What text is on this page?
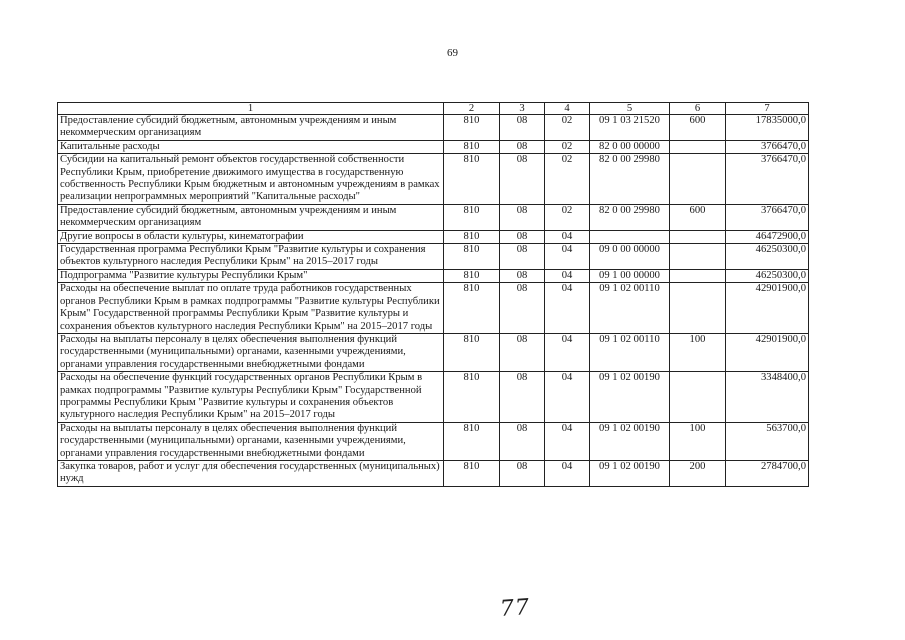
69
1	2	3	4	5	6	7
Предоставление субсидий бюджетным, автономным учреждениям и иным некоммерческим организациям	810	08	02	09 1 03 21520	600	17835000,0
Капитальные расходы	810	08	02	82 0 00 00000		3766470,0
Субсидии на капитальный ремонт объектов государственной собственности Республики Крым, приобретение движимого имущества в государственную собственность Республики Крым бюджетным и автономным учреждениям в рамках реализации непрограммных мероприятий "Капитальные расходы"	810	08	02	82 0 00 29980		3766470,0
Предоставление субсидий бюджетным, автономным учреждениям и иным некоммерческим организациям	810	08	02	82 0 00 29980	600	3766470,0
Другие вопросы в области культуры, кинематографии	810	08	04			46472900,0
Государственная программа Республики Крым "Развитие культуры и сохранения объектов культурного наследия Республики Крым" на 2015–2017 годы	810	08	04	09 0 00 00000		46250300,0
Подпрограмма "Развитие культуры Республики Крым"	810	08	04	09 1 00 00000		46250300,0
Расходы на обеспечение выплат по оплате труда работников государственных органов Республики Крым в рамках подпрограммы "Развитие культуры Республики Крым" Государственной программы Республики Крым "Развитие культуры и сохранения объектов культурного наследия Республики Крым" на 2015–2017 годы	810	08	04	09 1 02 00110		42901900,0
Расходы на выплаты персоналу в целях обеспечения выполнения функций государственными (муниципальными) органами, казенными учреждениями, органами управления государственными внебюджетными фондами	810	08	04	09 1 02 00110	100	42901900,0
Расходы на обеспечение функций государственных органов Республики Крым в рамках подпрограммы "Развитие культуры Республики Крым" Государственной программы Республики Крым "Развитие культуры и сохранения объектов культурного наследия Республики Крым" на 2015–2017 годы	810	08	04	09 1 02 00190		3348400,0
Расходы на выплаты персоналу в целях обеспечения выполнения функций государственными (муниципальными) органами, казенными учреждениями, органами управления государственными внебюджетными фондами	810	08	04	09 1 02 00190	100	563700,0
Закупка товаров, работ и услуг для обеспечения государственных (муниципальных) нужд	810	08	04	09 1 02 00190	200	2784700,0
77
